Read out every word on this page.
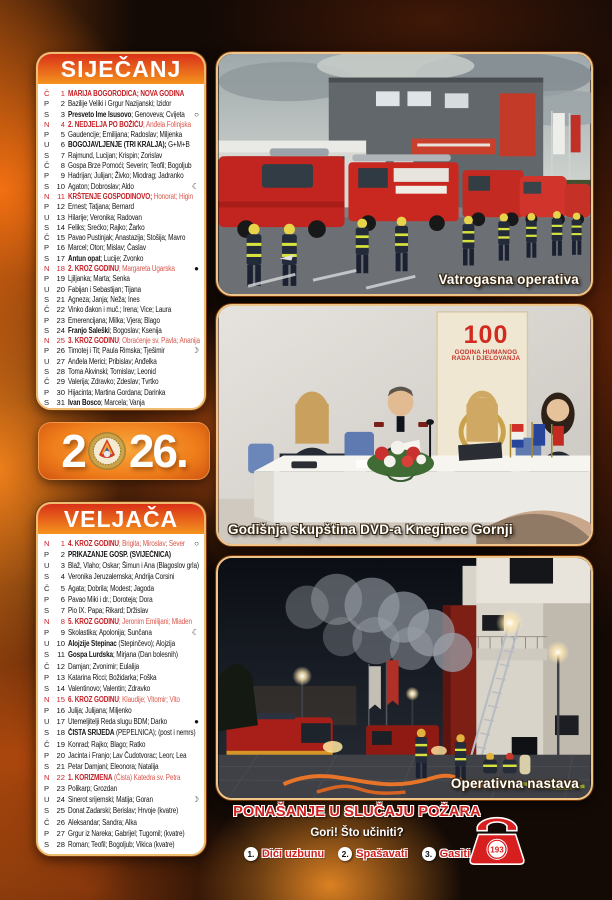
SIJEČANJ
Č	1 MARIJA BOGORODICA; NOVA GODINA
P	2 Bazilije Veliki i Grgur Nazijanski; Izidor
S	3 Presveto Ime Isusovo; Genoveva; Cvijeta ○
N	4 2. NEDJELJA PO BOŽIĆU; Anđela Folinjska
P	5 Gaudencije; Emilijana; Radoslav; Miljenka
U	6 BOGOJAVLJENJE (TRI KRALJA); G+M+B
S	7 Rajmund, Lucijan; Krispin; Zorislav
Č	8 Gospa Brze Pomoći; Severin; Teofil; Bogoljub
P	9 Hadrijan; Julijan; Živko; Miodrag; Jadranko
S 10 Agaton; Dobroslav; Aldo	☾
N	11 KRŠTENJE GOSPODINOVO; Honorat; Higin
P 12 Ernest; Tatjana; Bernard
U 13 Hilarije; Veronika; Radovan
S 14 Feliks; Srećko; Rajko; Žarko
Č 15 Pavao Pustinjak; Anastazija; Stošija; Mavro
P 16 Marcel; Oton; Mislav; Časlav
S 17 Antun opat; Lucije; Zvonko
N 18 2. KROZ GODINU; Margareta Ugarska ●
P 19 Ljiljanka; Marta; Senka
U 20 Fabijan i Sebastijan; Tijana
S 21 Agneza; Janja; Neža; Ines
Č 22 Vinko đakon i muč.; Irena; Vice; Laura
P 23 Emerencijana; Milka; Vjera; Blago
S 24 Franjo Saleški; Bogoslav; Ksenija
N 25 3. KROZ GODINU; Obraćenje sv. Pavla; Ananija
P 26 Timotej i Tit; Paula Rimska; Tješimir	☽
U 27 Anđela Merici; Pribislav; Anđelka
S 28 Toma Akvinski; Tomislav; Leonid
Č 29 Valerija; Zdravko; Zdeslav; Tvrtko
P 30 Hijacinta; Martina Gordana; Darinka
S 31 Ivan Bosco; Marcela; Vanja
2 26.
VELJAČA
N	1 4. KROZ GODINU; Brigita; Miroslav; Sever ○
P	2 PRIKAZANJE GOSP. (SVIJEĆNICA)
U	3 Blaž, Vlaho; Oskar; Šimun i Ana (Blagoslov grla)
S	4 Veronika Jeruzalemska; Andrija Corsini
Č	5 Agata; Dobrila; Modest; Jagoda
P	6 Pavao Miki i dr.; Doroteja; Dora
S	7 Pio IX. Papa; Rikard; Držislav
N	8 5. KROZ GODINU; Jeronim Emilijani; Mladen
P	9 Skolastika; Apolonija; Sunčana	☾
U 10 Alojzije Stepinac (Stepinčevo); Alojzija
S	11 Gospa Lurdska; Mirjana (Dan bolesnih)
Č 12 Damjan; Zvonimir; Eulalija
P 13 Katarina Ricci; Božidarka; Foška
S 14 Valentinovo; Valentin; Zdravko
N 15 6. KROZ GODINU; Klaudije; Vitomir; Vito
P 16 Julija; Julijana; Miljenko
U 17 Utemeljitelji Reda slugu BDM; Darko	●
S 18 ČISTA SRIJEDA (PEPELNICA); (post i nemrs)
Č 19 Konrad; Rajko; Blago; Ratko
P 20 Jacinta i Franjo; Lav Čudotvorac; Leon; Lea
S 21 Petar Damjani; Eleonora; Natalija
N 22 1. KORIZMENA (Čista) Katedra sv. Petra
P 23 Polikarp; Grozdan
U 24 Sinerot srijemski; Matija; Goran	☽
S 25 Donat Zadarski; Berislav; Hrvoje (kvatre)
Č 26 Aleksandar; Sandra; Alka
P 27 Grgur iz Nareka; Gabrijel; Tugomil; (kvatre)
S 28 Roman; Teofil; Bogoljub; Vikica (kvatre)
Vatrogasna operativa
100
GODINA HUMANOG
RADA I DJELOVANJA
Godišnja skupština DVD-a Kneginec Gornji
Operativna nastava
PONAŠANJE U SLUČAJU POŽARA
Gori! Što učiniti?
1. Dići uzbunu	2. Spašavati	3. Gasiti 193
